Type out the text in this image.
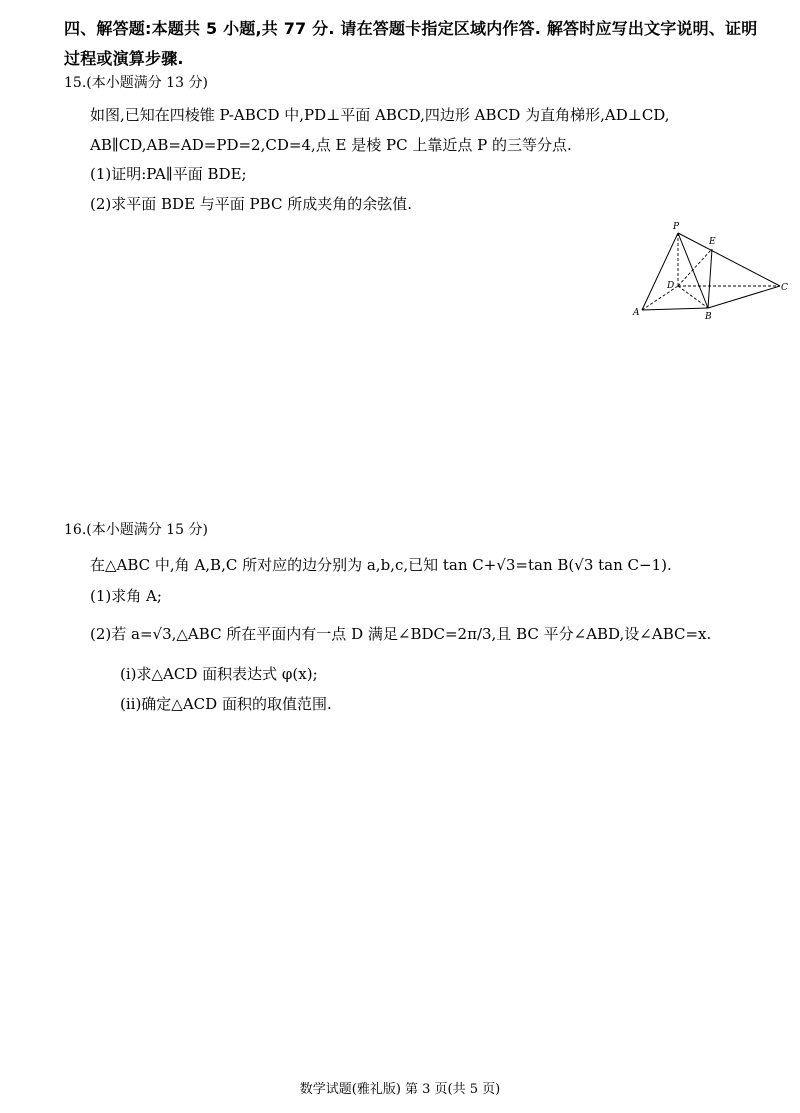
四、解答题:本题共 5 小题,共 77 分. 请在答题卡指定区域内作答. 解答时应写出文字说明、证明过程或演算步骤.
15.(本小题满分 13 分)
如图,已知在四棱锥 P-ABCD 中,PD⊥平面 ABCD,四边形 ABCD 为直角梯形,AD⊥CD,
AB∥CD,AB=AD=PD=2,CD=4,点 E 是棱 PC 上靠近点 P 的三等分点.
(1)证明:PA∥平面 BDE;
(2)求平面 BDE 与平面 PBC 所成夹角的余弦值.
P
E
D	C
A	B
16.(本小题满分 15 分)
在△ABC 中,角 A,B,C 所对应的边分别为 a,b,c,已知 tan C+√3=tan B(√3 tan C−1).
(1)求角 A;
(2)若 a=√3,△ABC 所在平面内有一点 D 满足∠BDC=2π/3,且 BC 平分∠ABD,设∠ABC=x.
(ⅰ)求△ACD 面积表达式 φ(x);
(ⅱ)确定△ACD 面积的取值范围.
数学试题(雅礼版) 第 3 页(共 5 页)
